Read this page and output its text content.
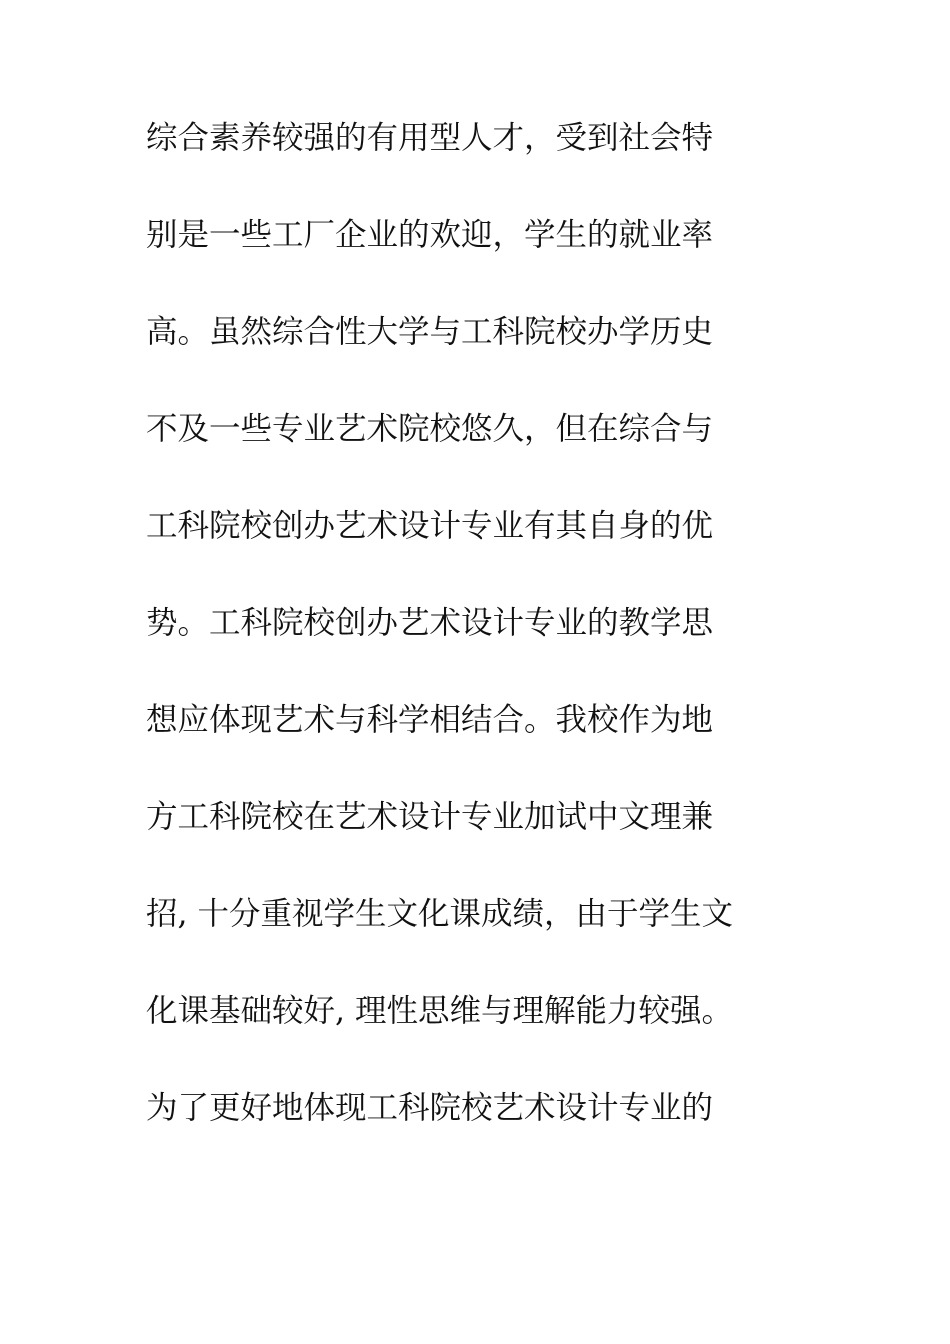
综合素养较强的有用型人才，受到社会特
别是一些工厂企业的欢迎，学生的就业率
高。虽然综合性大学与工科院校办学历史
不及一些专业艺术院校悠久，但在综合与
工科院校创办艺术设计专业有其自身的优
势。工科院校创办艺术设计专业的教学思
想应体现艺术与科学相结合。我校作为地
方工科院校在艺术设计专业加试中文理兼
招, 十分重视学生文化课成绩，由于学生文
化课基础较好, 理性思维与理解能力较强。
为了更好地体现工科院校艺术设计专业的
